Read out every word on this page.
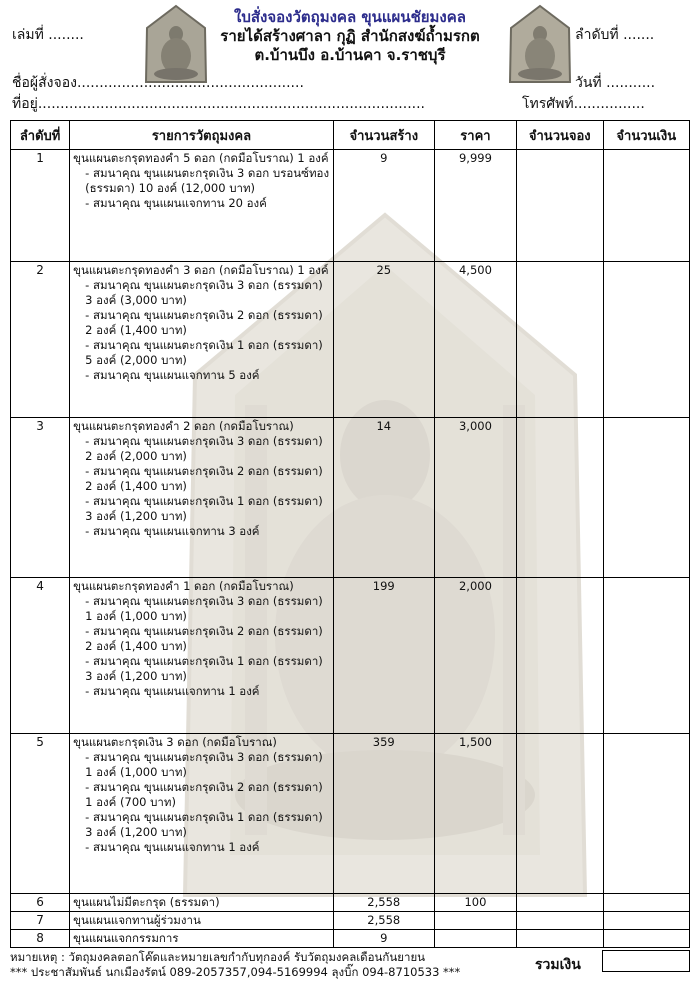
เล่มที่ ........	ลำดับที่ .......
ใบสั่งจองวัตถุมงคล ขุนแผนชัยมงคล
รายได้สร้างศาลา กุฏิ สำนักสงฆ์ถ้ำมรกต
ต.บ้านบึง อ.บ้านคา จ.ราชบุรี
ชื่อผู้สั่งจอง...................................................	วันที่ ...........
ที่อยู่.......................................................................................	โทรศัพท์................
ลำดับที่	รายการวัตถุมงคล	จำนวนสร้าง	ราคา	จำนวนจอง	จำนวนเงิน
1	ขุนแผนตะกรุดทองคำ 5 ดอก (กดมือโบราณ) 1 องค์
- สมนาคุณ ขุนแผนตะกรุดเงิน 3 ดอก บรอนซ์ทอง (ธรรมดา) 10 องค์ (12,000 บาท)
- สมนาคุณ ขุนแผนแจกทาน 20 องค์	9	9,999		
2	ขุนแผนตะกรุดทองคำ 3 ดอก (กดมือโบราณ) 1 องค์
- สมนาคุณ ขุนแผนตะกรุดเงิน 3 ดอก (ธรรมดา) 3 องค์ (3,000 บาท)
- สมนาคุณ ขุนแผนตะกรุดเงิน 2 ดอก (ธรรมดา) 2 องค์ (1,400 บาท)
- สมนาคุณ ขุนแผนตะกรุดเงิน 1 ดอก (ธรรมดา) 5 องค์ (2,000 บาท)
- สมนาคุณ ขุนแผนแจกทาน 5 องค์	25	4,500		
3	ขุนแผนตะกรุดทองคำ 2 ดอก (กดมือโบราณ)
- สมนาคุณ ขุนแผนตะกรุดเงิน 3 ดอก (ธรรมดา) 2 องค์ (2,000 บาท)
- สมนาคุณ ขุนแผนตะกรุดเงิน 2 ดอก (ธรรมดา) 2 องค์ (1,400 บาท)
- สมนาคุณ ขุนแผนตะกรุดเงิน 1 ดอก (ธรรมดา) 3 องค์ (1,200 บาท)
- สมนาคุณ ขุนแผนแจกทาน 3 องค์	14	3,000		
4	ขุนแผนตะกรุดทองคำ 1 ดอก (กดมือโบราณ)
- สมนาคุณ ขุนแผนตะกรุดเงิน 3 ดอก (ธรรมดา) 1 องค์ (1,000 บาท)
- สมนาคุณ ขุนแผนตะกรุดเงิน 2 ดอก (ธรรมดา) 2 องค์ (1,400 บาท)
- สมนาคุณ ขุนแผนตะกรุดเงิน 1 ดอก (ธรรมดา) 3 องค์ (1,200 บาท)
- สมนาคุณ ขุนแผนแจกทาน 1 องค์	199	2,000		
5	ขุนแผนตะกรุดเงิน 3 ดอก (กดมือโบราณ)
- สมนาคุณ ขุนแผนตะกรุดเงิน 3 ดอก (ธรรมดา) 1 องค์ (1,000 บาท)
- สมนาคุณ ขุนแผนตะกรุดเงิน 2 ดอก (ธรรมดา) 1 องค์ (700 บาท)
- สมนาคุณ ขุนแผนตะกรุดเงิน 1 ดอก (ธรรมดา) 3 องค์ (1,200 บาท)
- สมนาคุณ ขุนแผนแจกทาน 1 องค์	359	1,500		
6	ขุนแผนไม่มีตะกรุด (ธรรมดา)	2,558	100		
7	ขุนแผนแจกทานผู้ร่วมงาน	2,558			
8	ขุนแผนแจกกรรมการ	9			
หมายเหตุ : วัตถุมงคลตอกโค๊ดและหมายเลขกำกับทุกองค์ รับวัตถุมงคลเดือนกันยายน
*** ประชาสัมพันธ์ นกเมืองรัตน์ 089-2057357,094-5169994 ลุงบิ๊ก 094-8710533 ***	รวมเงิน
